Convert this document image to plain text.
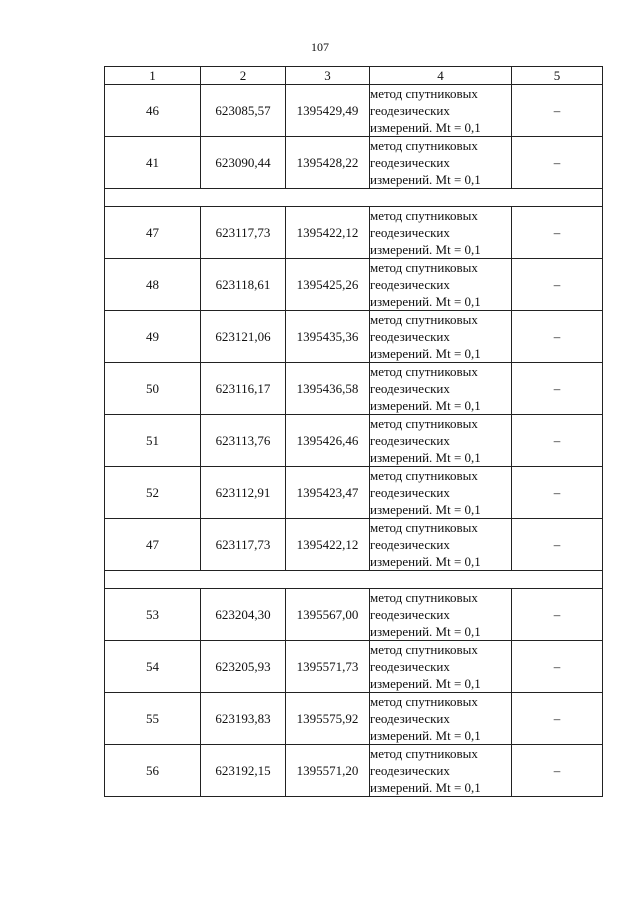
107
1	2	3	4	5
46	623085,57	1395429,49	метод спутниковых
геодезических
измерений. Mt = 0,1	–
41	623090,44	1395428,22	метод спутниковых
геодезических
измерений. Mt = 0,1	–

47	623117,73	1395422,12	метод спутниковых
геодезических
измерений. Mt = 0,1	–
48	623118,61	1395425,26	метод спутниковых
геодезических
измерений. Mt = 0,1	–
49	623121,06	1395435,36	метод спутниковых
геодезических
измерений. Mt = 0,1	–
50	623116,17	1395436,58	метод спутниковых
геодезических
измерений. Mt = 0,1	–
51	623113,76	1395426,46	метод спутниковых
геодезических
измерений. Mt = 0,1	–
52	623112,91	1395423,47	метод спутниковых
геодезических
измерений. Mt = 0,1	–
47	623117,73	1395422,12	метод спутниковых
геодезических
измерений. Mt = 0,1	–

53	623204,30	1395567,00	метод спутниковых
геодезических
измерений. Mt = 0,1	–
54	623205,93	1395571,73	метод спутниковых
геодезических
измерений. Mt = 0,1	–
55	623193,83	1395575,92	метод спутниковых
геодезических
измерений. Mt = 0,1	–
56	623192,15	1395571,20	метод спутниковых
геодезических
измерений. Mt = 0,1	–
